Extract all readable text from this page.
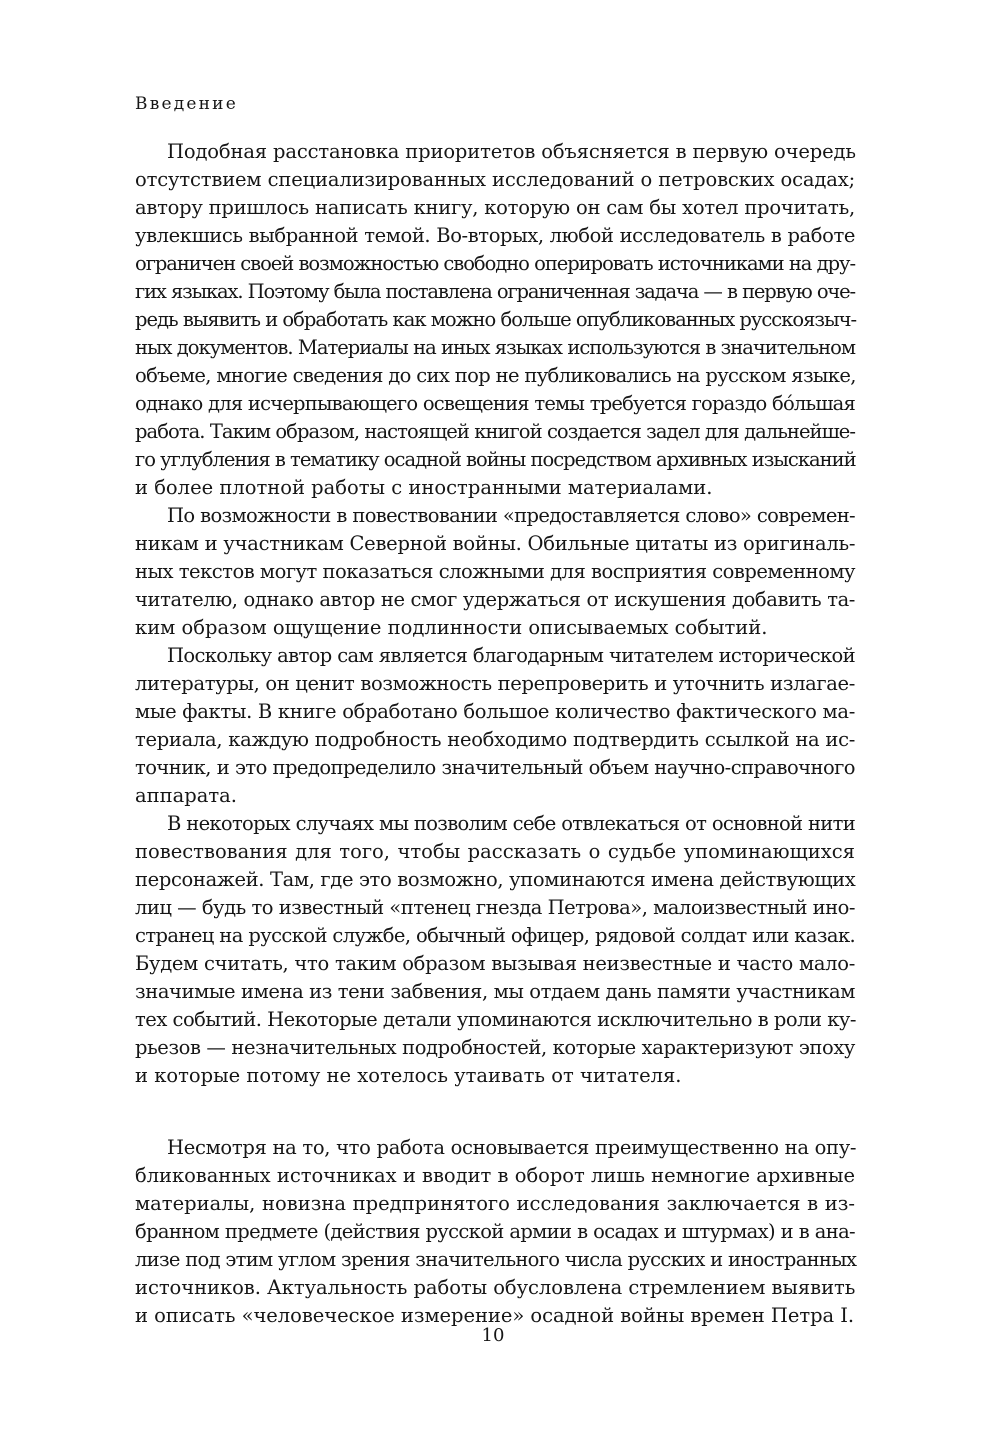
Введение
Подобная расстановка приоритетов объясняется в первую очередь
отсутствием специализированных исследований о петровских осадах;
автору пришлось написать книгу, которую он сам бы хотел прочитать,
увлекшись выбранной темой. Во-вторых, любой исследователь в работе
ограничен своей возможностью свободно оперировать источниками на дру-
гих языках. Поэтому была поставлена ограниченная задача — в первую оче-
редь выявить и обработать как можно больше опубликованных русскоязыч-
ных документов. Материалы на иных языках используются в значительном
объеме, многие сведения до сих пор не публиковались на русском языке,
однако для исчерпывающего освещения темы требуется гораздо бо́льшая
работа. Таким образом, настоящей книгой создается задел для дальнейше-
го углубления в тематику осадной войны посредством архивных изысканий
и более плотной работы с иностранными материалами.
По возможности в повествовании «предоставляется слово» современ-
никам и участникам Северной войны. Обильные цитаты из оригиналь-
ных текстов могут показаться сложными для восприятия современному
читателю, однако автор не смог удержаться от искушения добавить та-
ким образом ощущение подлинности описываемых событий.
Поскольку автор сам является благодарным читателем исторической
литературы, он ценит возможность перепроверить и уточнить излагае-
мые факты. В книге обработано большое количество фактического ма-
териала, каждую подробность необходимо подтвердить ссылкой на ис-
точник, и это предопределило значительный объем научно-справочного
аппарата.
В некоторых случаях мы позволим себе отвлекаться от основной нити
повествования для того, чтобы рассказать о судьбе упоминающихся
персонажей. Там, где это возможно, упоминаются имена действующих
лиц — будь то известный «птенец гнезда Петрова», малоизвестный ино-
странец на русской службе, обычный офицер, рядовой солдат или казак.
Будем считать, что таким образом вызывая неизвестные и часто мало-
значимые имена из тени забвения, мы отдаем дань памяти участникам
тех событий. Некоторые детали упоминаются исключительно в роли ку-
рьезов — незначительных подробностей, которые характеризуют эпоху
и которые потому не хотелось утаивать от читателя.
Несмотря на то, что работа основывается преимущественно на опу-
бликованных источниках и вводит в оборот лишь немногие архивные
материалы, новизна предпринятого исследования заключается в из-
бранном предмете (действия русской армии в осадах и штурмах) и в ана-
лизе под этим углом зрения значительного числа русских и иностранных
источников. Актуальность работы обусловлена стремлением выявить
и описать «человеческое измерение» осадной войны времен Петра I.
10
